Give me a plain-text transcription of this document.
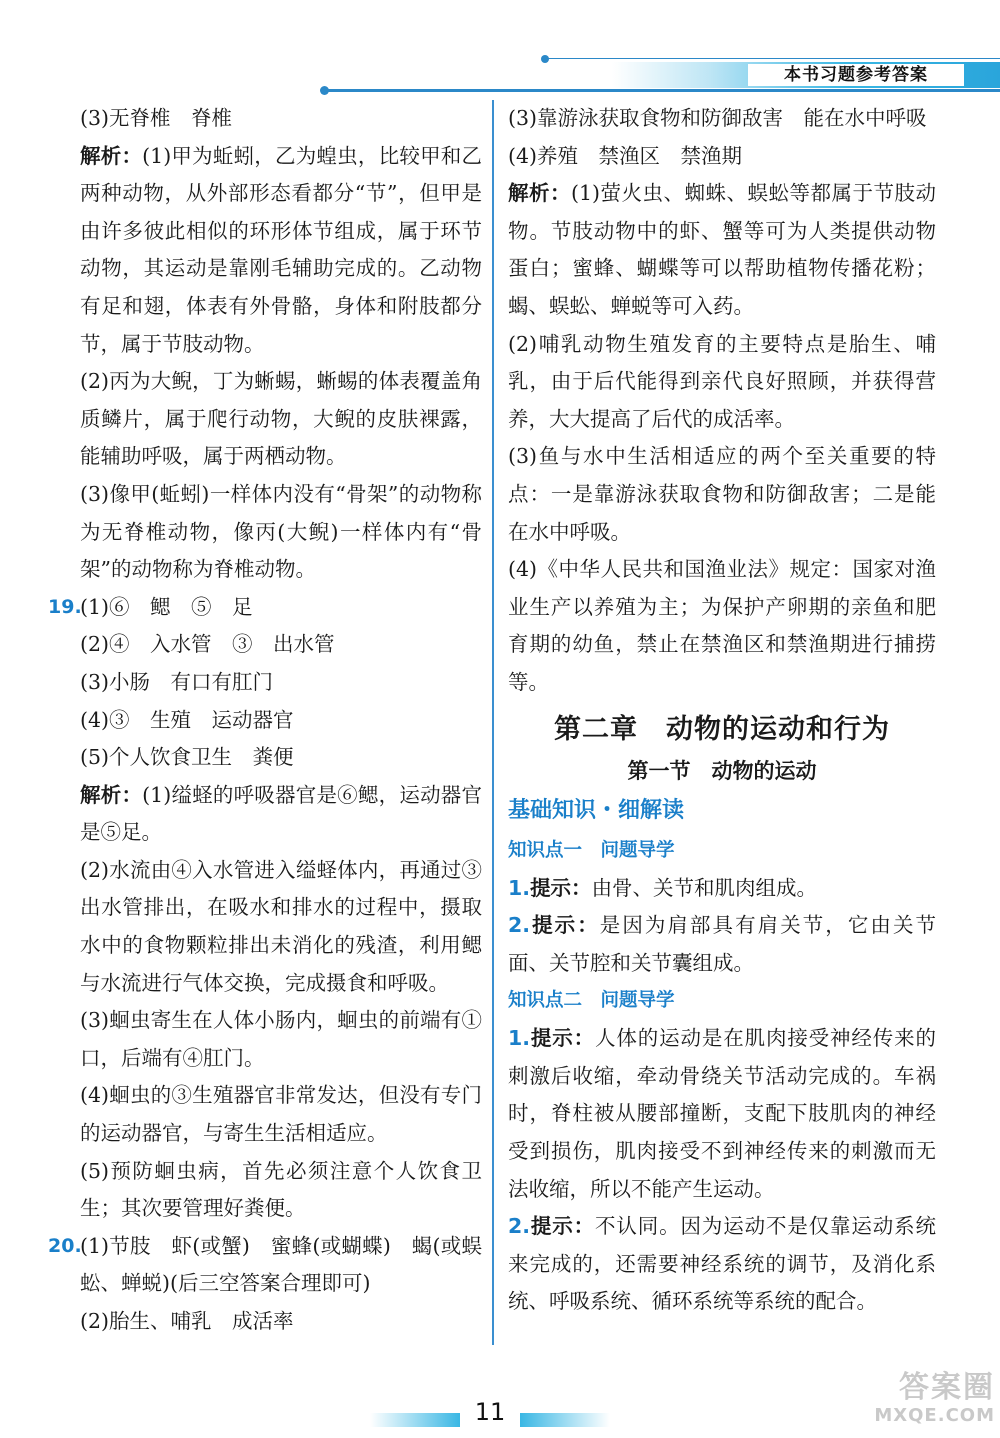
本书习题参考答案

(3)无脊椎　脊椎

解析：(1)甲为蚯蚓，乙为蝗虫，比较甲和乙两种动物，从外部形态看都分“节”，但甲是由许多彼此相似的环形体节组成，属于环节动物，其运动是靠刚毛辅助完成的。乙动物有足和翅，体表有外骨骼，身体和附肢都分节，属于节肢动物。

(2)丙为大鲵，丁为蜥蜴，蜥蜴的体表覆盖角质鳞片，属于爬行动物，大鲵的皮肤裸露，能辅助呼吸，属于两栖动物。

(3)像甲(蚯蚓)一样体内没有“骨架”的动物称为无脊椎动物，像丙(大鲵)一样体内有“骨架”的动物称为脊椎动物。

19.

(1)⑥　鳃　⑤　足

(2)④　入水管　③　出水管

(3)小肠　有口有肛门

(4)③　生殖　运动器官

(5)个人饮食卫生　粪便

解析：(1)缢蛏的呼吸器官是⑥鳃，运动器官是⑤足。

(2)水流由④入水管进入缢蛏体内，再通过③出水管排出，在吸水和排水的过程中，摄取水中的食物颗粒排出未消化的残渣，利用鳃与水流进行气体交换，完成摄食和呼吸。

(3)蛔虫寄生在人体小肠内，蛔虫的前端有①口，后端有④肛门。

(4)蛔虫的③生殖器官非常发达，但没有专门的运动器官，与寄生生活相适应。

(5)预防蛔虫病，首先必须注意个人饮食卫生；其次要管理好粪便。

20.

(1)节肢　虾(或蟹)　蜜蜂(或蝴蝶)　蝎(或蜈蚣、蝉蜕)(后三空答案合理即可)

(2)胎生、哺乳　成活率

(3)靠游泳获取食物和防御敌害　能在水中呼吸

(4)养殖　禁渔区　禁渔期

解析：(1)萤火虫、蜘蛛、蜈蚣等都属于节肢动物。节肢动物中的虾、蟹等可为人类提供动物蛋白；蜜蜂、蝴蝶等可以帮助植物传播花粉；蝎、蜈蚣、蝉蜕等可入药。

(2)哺乳动物生殖发育的主要特点是胎生、哺乳，由于后代能得到亲代良好照顾，并获得营养，大大提高了后代的成活率。

(3)鱼与水中生活相适应的两个至关重要的特点：一是靠游泳获取食物和防御敌害；二是能在水中呼吸。

(4)《中华人民共和国渔业法》规定：国家对渔业生产以养殖为主；为保护产卵期的亲鱼和肥育期的幼鱼，禁止在禁渔区和禁渔期进行捕捞等。

第二章　动物的运动和行为
第一节　动物的运动
基础知识・细解读
知识点一　问题导学

1.提示：由骨、关节和肌肉组成。

2.提示：是因为肩部具有肩关节，它由关节面、关节腔和关节囊组成。

知识点二　问题导学

1.提示：人体的运动是在肌肉接受神经传来的刺激后收缩，牵动骨绕关节活动完成的。车祸时，脊柱被从腰部撞断，支配下肢肌肉的神经受到损伤，肌肉接受不到神经传来的刺激而无法收缩，所以不能产生运动。

2.提示：不认同。因为运动不是仅靠运动系统来完成的，还需要神经系统的调节，及消化系统、呼吸系统、循环系统等系统的配合。

11
答案圈
MXQE.COM
